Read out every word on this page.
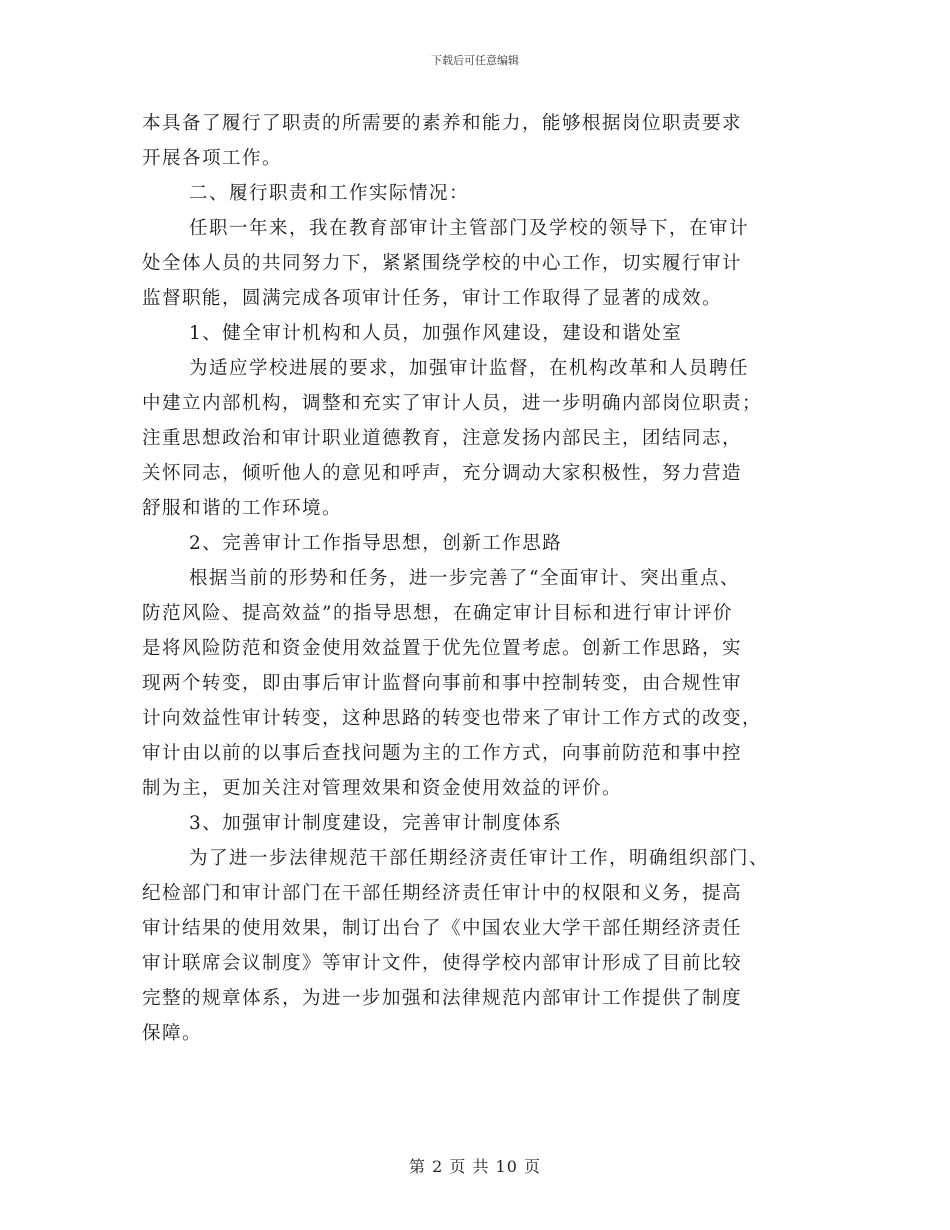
下载后可任意编辑
本具备了履行了职责的所需要的素养和能力，能够根据岗位职责要求
开展各项工作。
二、履行职责和工作实际情况：
任职一年来，我在教育部审计主管部门及学校的领导下，在审计
处全体人员的共同努力下，紧紧围绕学校的中心工作，切实履行审计
监督职能，圆满完成各项审计任务，审计工作取得了显著的成效。
1、健全审计机构和人员，加强作风建设，建设和谐处室
为适应学校进展的要求，加强审计监督，在机构改革和人员聘任
中建立内部机构，调整和充实了审计人员，进一步明确内部岗位职责；
注重思想政治和审计职业道德教育，注意发扬内部民主，团结同志，
关怀同志，倾听他人的意见和呼声，充分调动大家积极性，努力营造
舒服和谐的工作环境。
2、完善审计工作指导思想，创新工作思路
根据当前的形势和任务，进一步完善了“全面审计、突出重点、
防范风险、提高效益”的指导思想，在确定审计目标和进行审计评价
是将风险防范和资金使用效益置于优先位置考虑。创新工作思路，实
现两个转变，即由事后审计监督向事前和事中控制转变，由合规性审
计向效益性审计转变，这种思路的转变也带来了审计工作方式的改变，
审计由以前的以事后查找问题为主的工作方式，向事前防范和事中控
制为主，更加关注对管理效果和资金使用效益的评价。
3、加强审计制度建设，完善审计制度体系
为了进一步法律规范干部任期经济责任审计工作，明确组织部门、
纪检部门和审计部门在干部任期经济责任审计中的权限和义务，提高
审计结果的使用效果，制订出台了《中国农业大学干部任期经济责任
审计联席会议制度》等审计文件，使得学校内部审计形成了目前比较
完整的规章体系，为进一步加强和法律规范内部审计工作提供了制度
保障。
第 2 页 共 10 页
